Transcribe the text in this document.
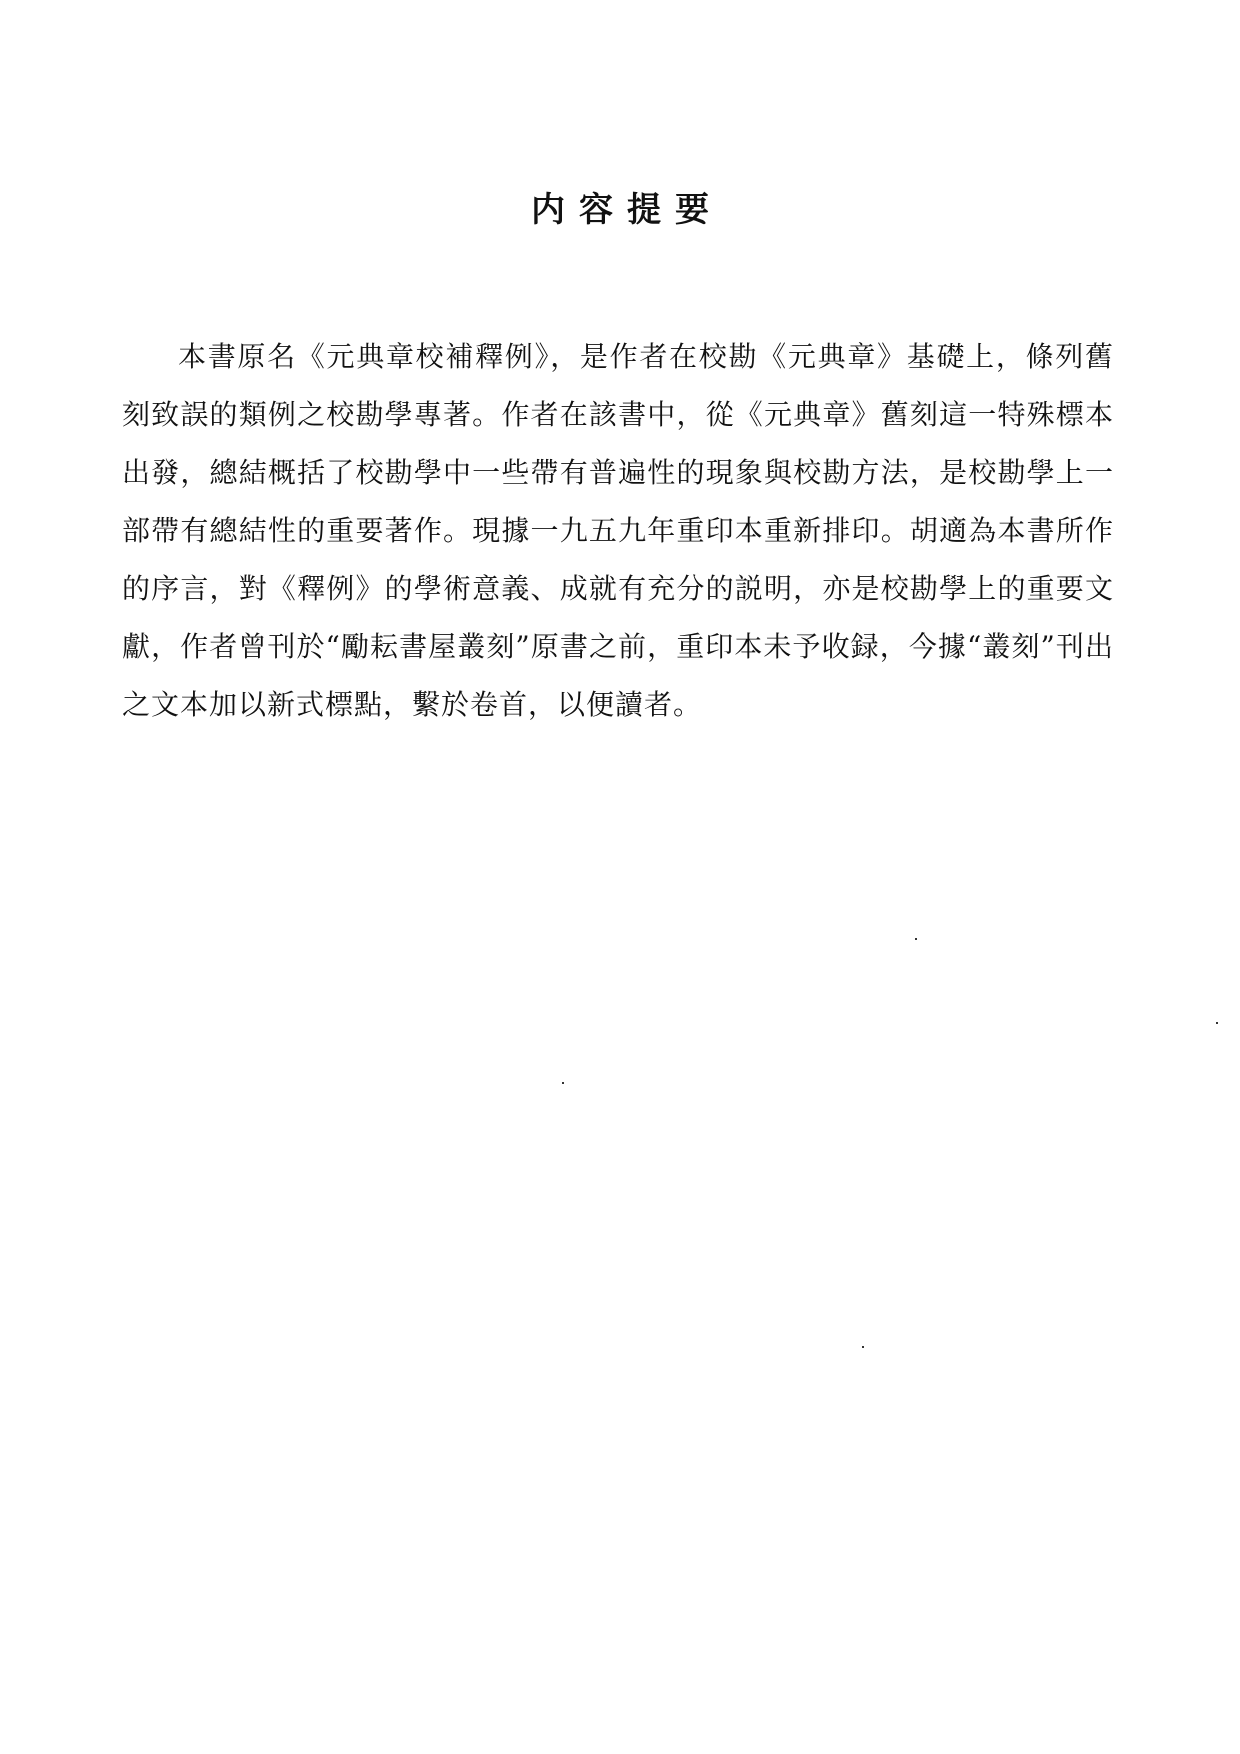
内容提要
本書原名《元典章校補釋例》，是作者在校勘《元典章》基礎上，條列舊刻致誤的類例之校勘學專著。作者在該書中，從《元典章》舊刻這一特殊標本出發，總結概括了校勘學中一些帶有普遍性的現象與校勘方法，是校勘學上一部帶有總結性的重要著作。現據一九五九年重印本重新排印。胡適為本書所作的序言，對《釋例》的學術意義、成就有充分的説明，亦是校勘學上的重要文獻，作者曾刊於“勵耘書屋叢刻”原書之前，重印本未予收録，今據“叢刻”刊出之文本加以新式標點，繫於卷首，以便讀者。
